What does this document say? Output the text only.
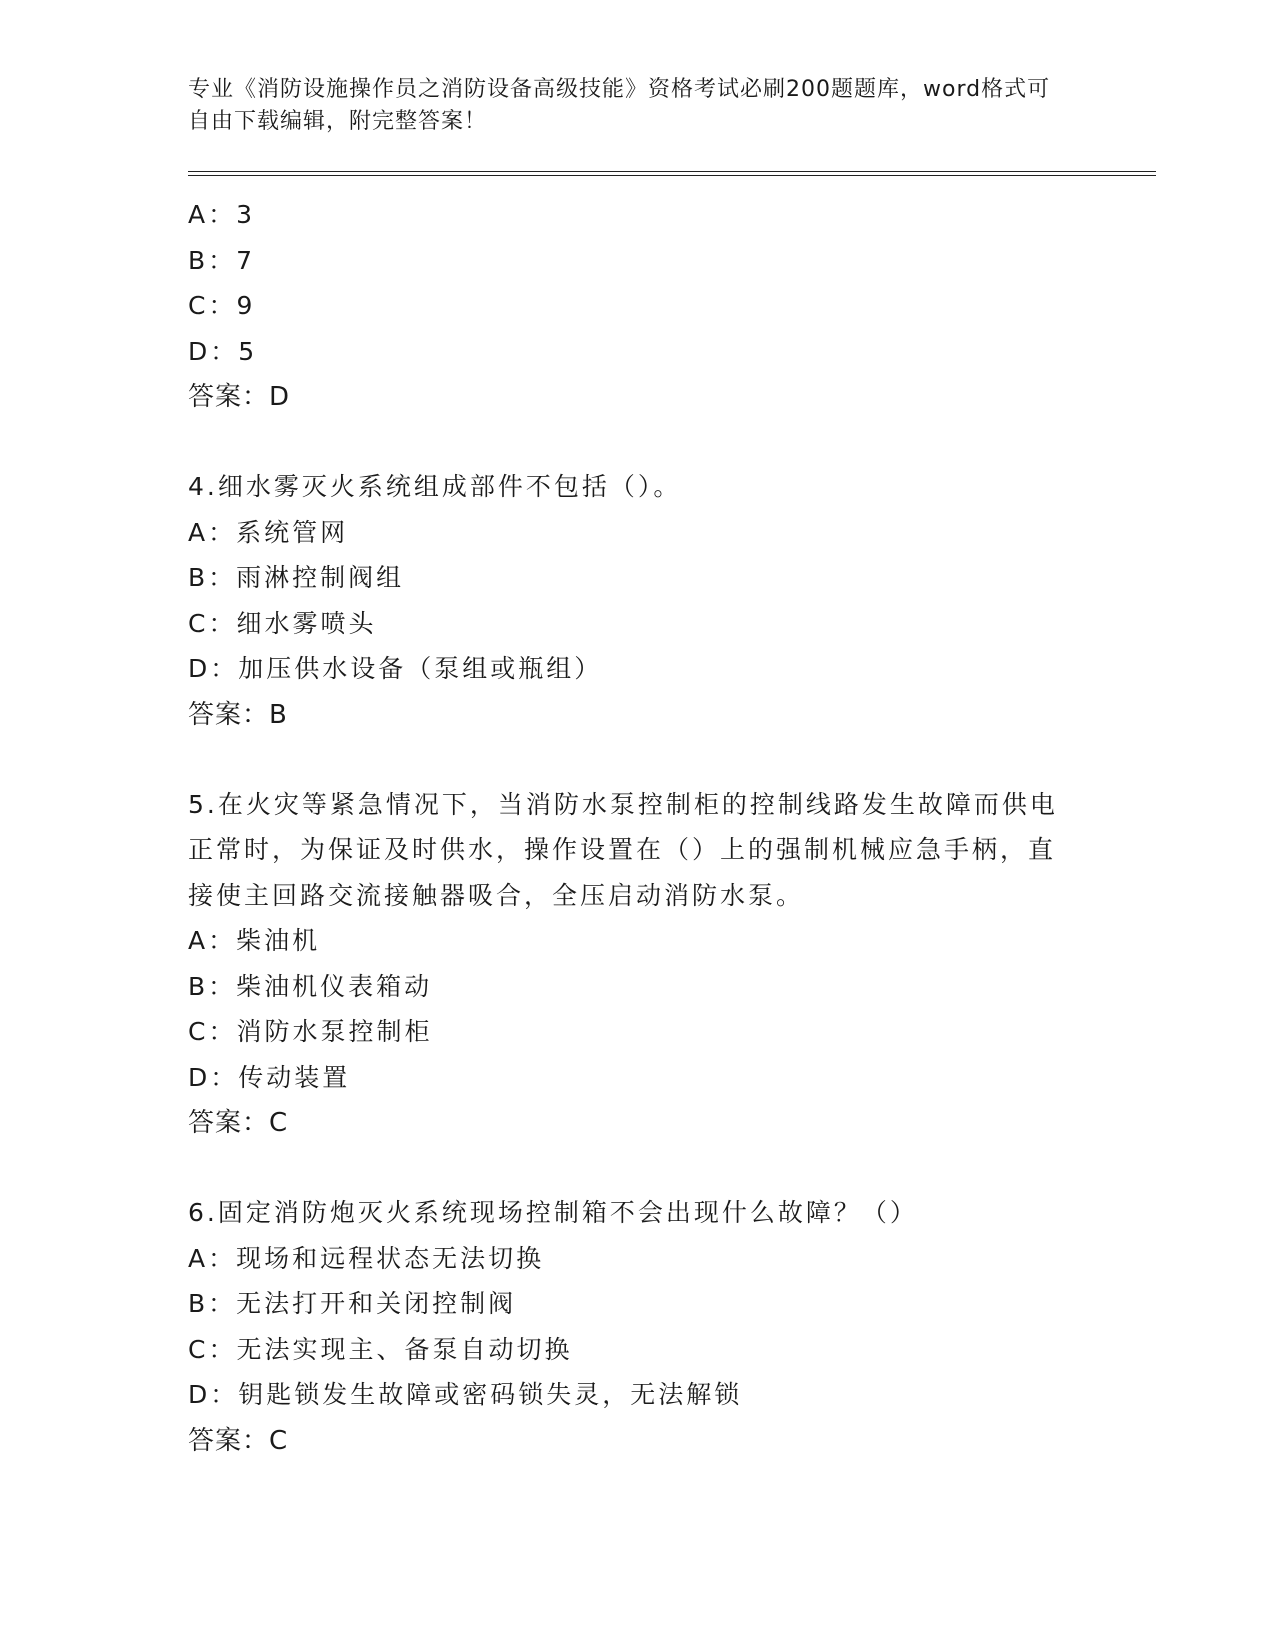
专业《消防设施操作员之消防设备高级技能》资格考试必刷200题题库，word格式可自由下载编辑，附完整答案！
A：3
B：7
C：9
D：5
答案：D
4.细水雾灭火系统组成部件不包括（）。
A：系统管网
B：雨淋控制阀组
C：细水雾喷头
D：加压供水设备（泵组或瓶组）
答案：B
5.在火灾等紧急情况下，当消防水泵控制柜的控制线路发生故障而供电正常时，为保证及时供水，操作设置在（）上的强制机械应急手柄，直接使主回路交流接触器吸合，全压启动消防水泵。
A：柴油机
B：柴油机仪表箱动
C：消防水泵控制柜
D：传动装置
答案：C
6.固定消防炮灭火系统现场控制箱不会出现什么故障？（）
A：现场和远程状态无法切换
B：无法打开和关闭控制阀
C：无法实现主、备泵自动切换
D：钥匙锁发生故障或密码锁失灵，无法解锁
答案：C
